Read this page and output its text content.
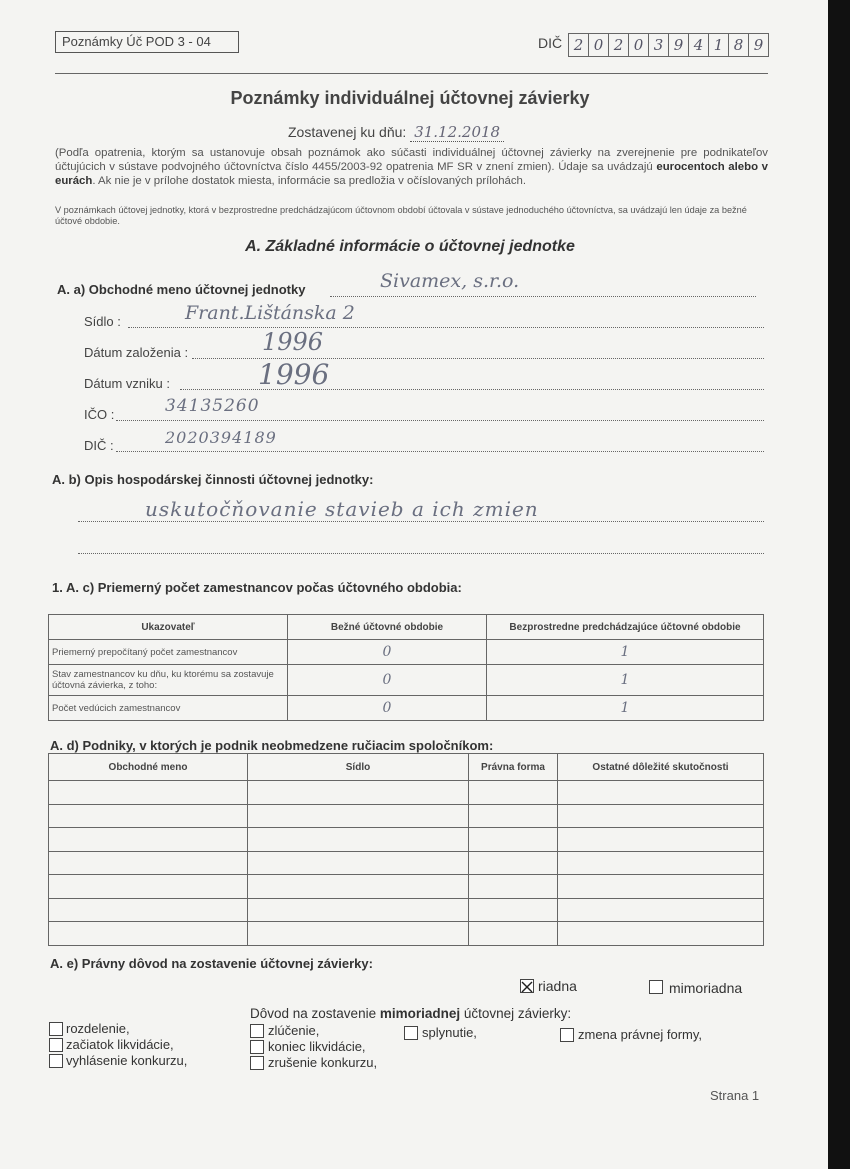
Poznámky Úč POD 3 - 04	DIČ 2 0 2 0 3 9 4 1 8 9
Poznámky individuálnej účtovnej závierky
Zostavenej ku dňu: 31.12.2018
(Podľa opatrenia, ktorým sa ustanovuje obsah poznámok ako súčasti individuálnej účtovnej závierky na zverejnenie pre podnikateľov účtujúcich v sústave podvojného účtovníctva číslo 4455/2003-92 opatrenia MF SR v znení zmien). Údaje sa uvádzajú eurocentoch alebo v eurách. Ak nie je v prílohe dostatok miesta, informácie sa predložia v očíslovaných prílohách.
V poznámkach účtovej jednotky, ktorá v bezprostredne predchádzajúcom účtovnom období účtovala v sústave jednoduchého účtovníctva, sa uvádzajú len údaje za bežné účtové obdobie.
A. Základné informácie o účtovnej jednotke
A. a) Obchodné meno účtovnej jednotky	Sivamex, s.r.o.
Sídlo :	Frant.Lištánska 2
Dátum založenia :	1996
Dátum vzniku :	1996
IČO :	34135260
DIČ :	2020394189
A. b) Opis hospodárskej činnosti účtovnej jednotky:
uskutočňovanie stavieb a ich zmien
1. A. c) Priemerný počet zamestnancov počas účtovného obdobia:
Ukazovateľ	Bežné účtovné obdobie	Bezprostredne predchádzajúce účtovné obdobie
Priemerný prepočítaný počet zamestnancov	0	1
Stav zamestnancov ku dňu, ku ktorému sa zostavuje účtovná závierka, z toho:	0	1
Počet vedúcich zamestnancov	0	1
A. d) Podniky, v ktorých je podnik neobmedzene ručiacim spoločníkom:
Obchodné meno	Sídlo	Právna forma	Ostatné dôležité skutočnosti

A. e) Právny dôvod na zostavenie účtovnej závierky:
riadna	mimoriadna
Dôvod na zostavenie mimoriadnej účtovnej závierky:
rozdelenie,
začiatok likvidácie,
vyhlásenie konkurzu,
zlúčenie,
koniec likvidácie,
zrušenie konkurzu,
splynutie,	zmena právnej formy,
Strana 1
